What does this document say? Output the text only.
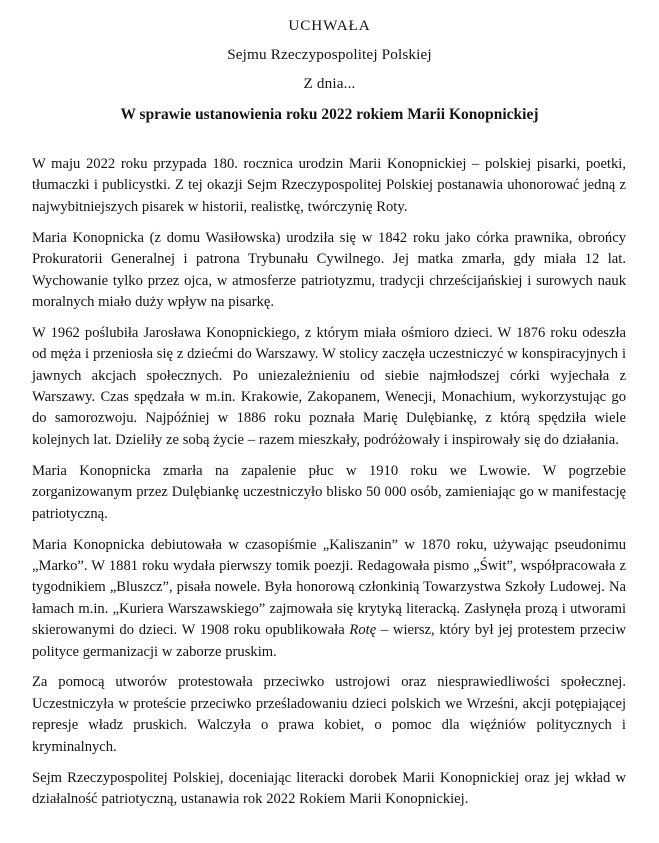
UCHWAŁA
Sejmu Rzeczypospolitej Polskiej
Z dnia...
W sprawie ustanowienia roku 2022 rokiem Marii Konopnickiej

W maju 2022 roku przypada 180. rocznica urodzin Marii Konopnickiej – polskiej pisarki, poetki, tłumaczki i publicystki. Z tej okazji Sejm Rzeczypospolitej Polskiej postanawia uhonorować jedną z najwybitniejszych pisarek w historii, realistkę, twórczynię Roty.

Maria Konopnicka (z domu Wasiłowska) urodziła się w 1842 roku jako córka prawnika, obrońcy Prokuratorii Generalnej i patrona Trybunału Cywilnego. Jej matka zmarła, gdy miała 12 lat. Wychowanie tylko przez ojca, w atmosferze patriotyzmu, tradycji chrześcijańskiej i surowych nauk moralnych miało duży wpływ na pisarkę.

W 1962 poślubiła Jarosława Konopnickiego, z którym miała ośmioro dzieci. W 1876 roku odeszła od męża i przeniosła się z dziećmi do Warszawy. W stolicy zaczęła uczestniczyć w konspiracyjnych i jawnych akcjach społecznych. Po uniezależnieniu od siebie najmłodszej córki wyjechała z Warszawy. Czas spędzała w m.in. Krakowie, Zakopanem, Wenecji, Monachium, wykorzystując go do samorozwoju. Najpóźniej w 1886 roku poznała Marię Dulębiankę, z którą spędziła wiele kolejnych lat. Dzieliły ze sobą życie – razem mieszkały, podróżowały i inspirowały się do działania.

Maria Konopnicka zmarła na zapalenie płuc w 1910 roku we Lwowie. W pogrzebie zorganizowanym przez Dulębiankę uczestniczyło blisko 50 000 osób, zamieniając go w manifestację patriotyczną.

Maria Konopnicka debiutowała w czasopiśmie „Kaliszanin” w 1870 roku, używając pseudonimu „Marko”. W 1881 roku wydała pierwszy tomik poezji. Redagowała pismo „Świt”, współpracowała z tygodnikiem „Bluszcz”, pisała nowele. Była honorową członkinią Towarzystwa Szkoły Ludowej. Na łamach m.in. „Kuriera Warszawskiego” zajmowała się krytyką literacką. Zasłynęła prozą i utworami skierowanymi do dzieci. W 1908 roku opublikowała Rotę – wiersz, który był jej protestem przeciw polityce germanizacji w zaborze pruskim.

Za pomocą utworów protestowała przeciwko ustrojowi oraz niesprawiedliwości społecznej. Uczestniczyła w proteście przeciwko prześladowaniu dzieci polskich we Wrześni, akcji potępiającej represje władz pruskich. Walczyła o prawa kobiet, o pomoc dla więźniów politycznych i kryminalnych.

Sejm Rzeczypospolitej Polskiej, doceniając literacki dorobek Marii Konopnickiej oraz jej wkład w działalność patriotyczną, ustanawia rok 2022 Rokiem Marii Konopnickiej.
